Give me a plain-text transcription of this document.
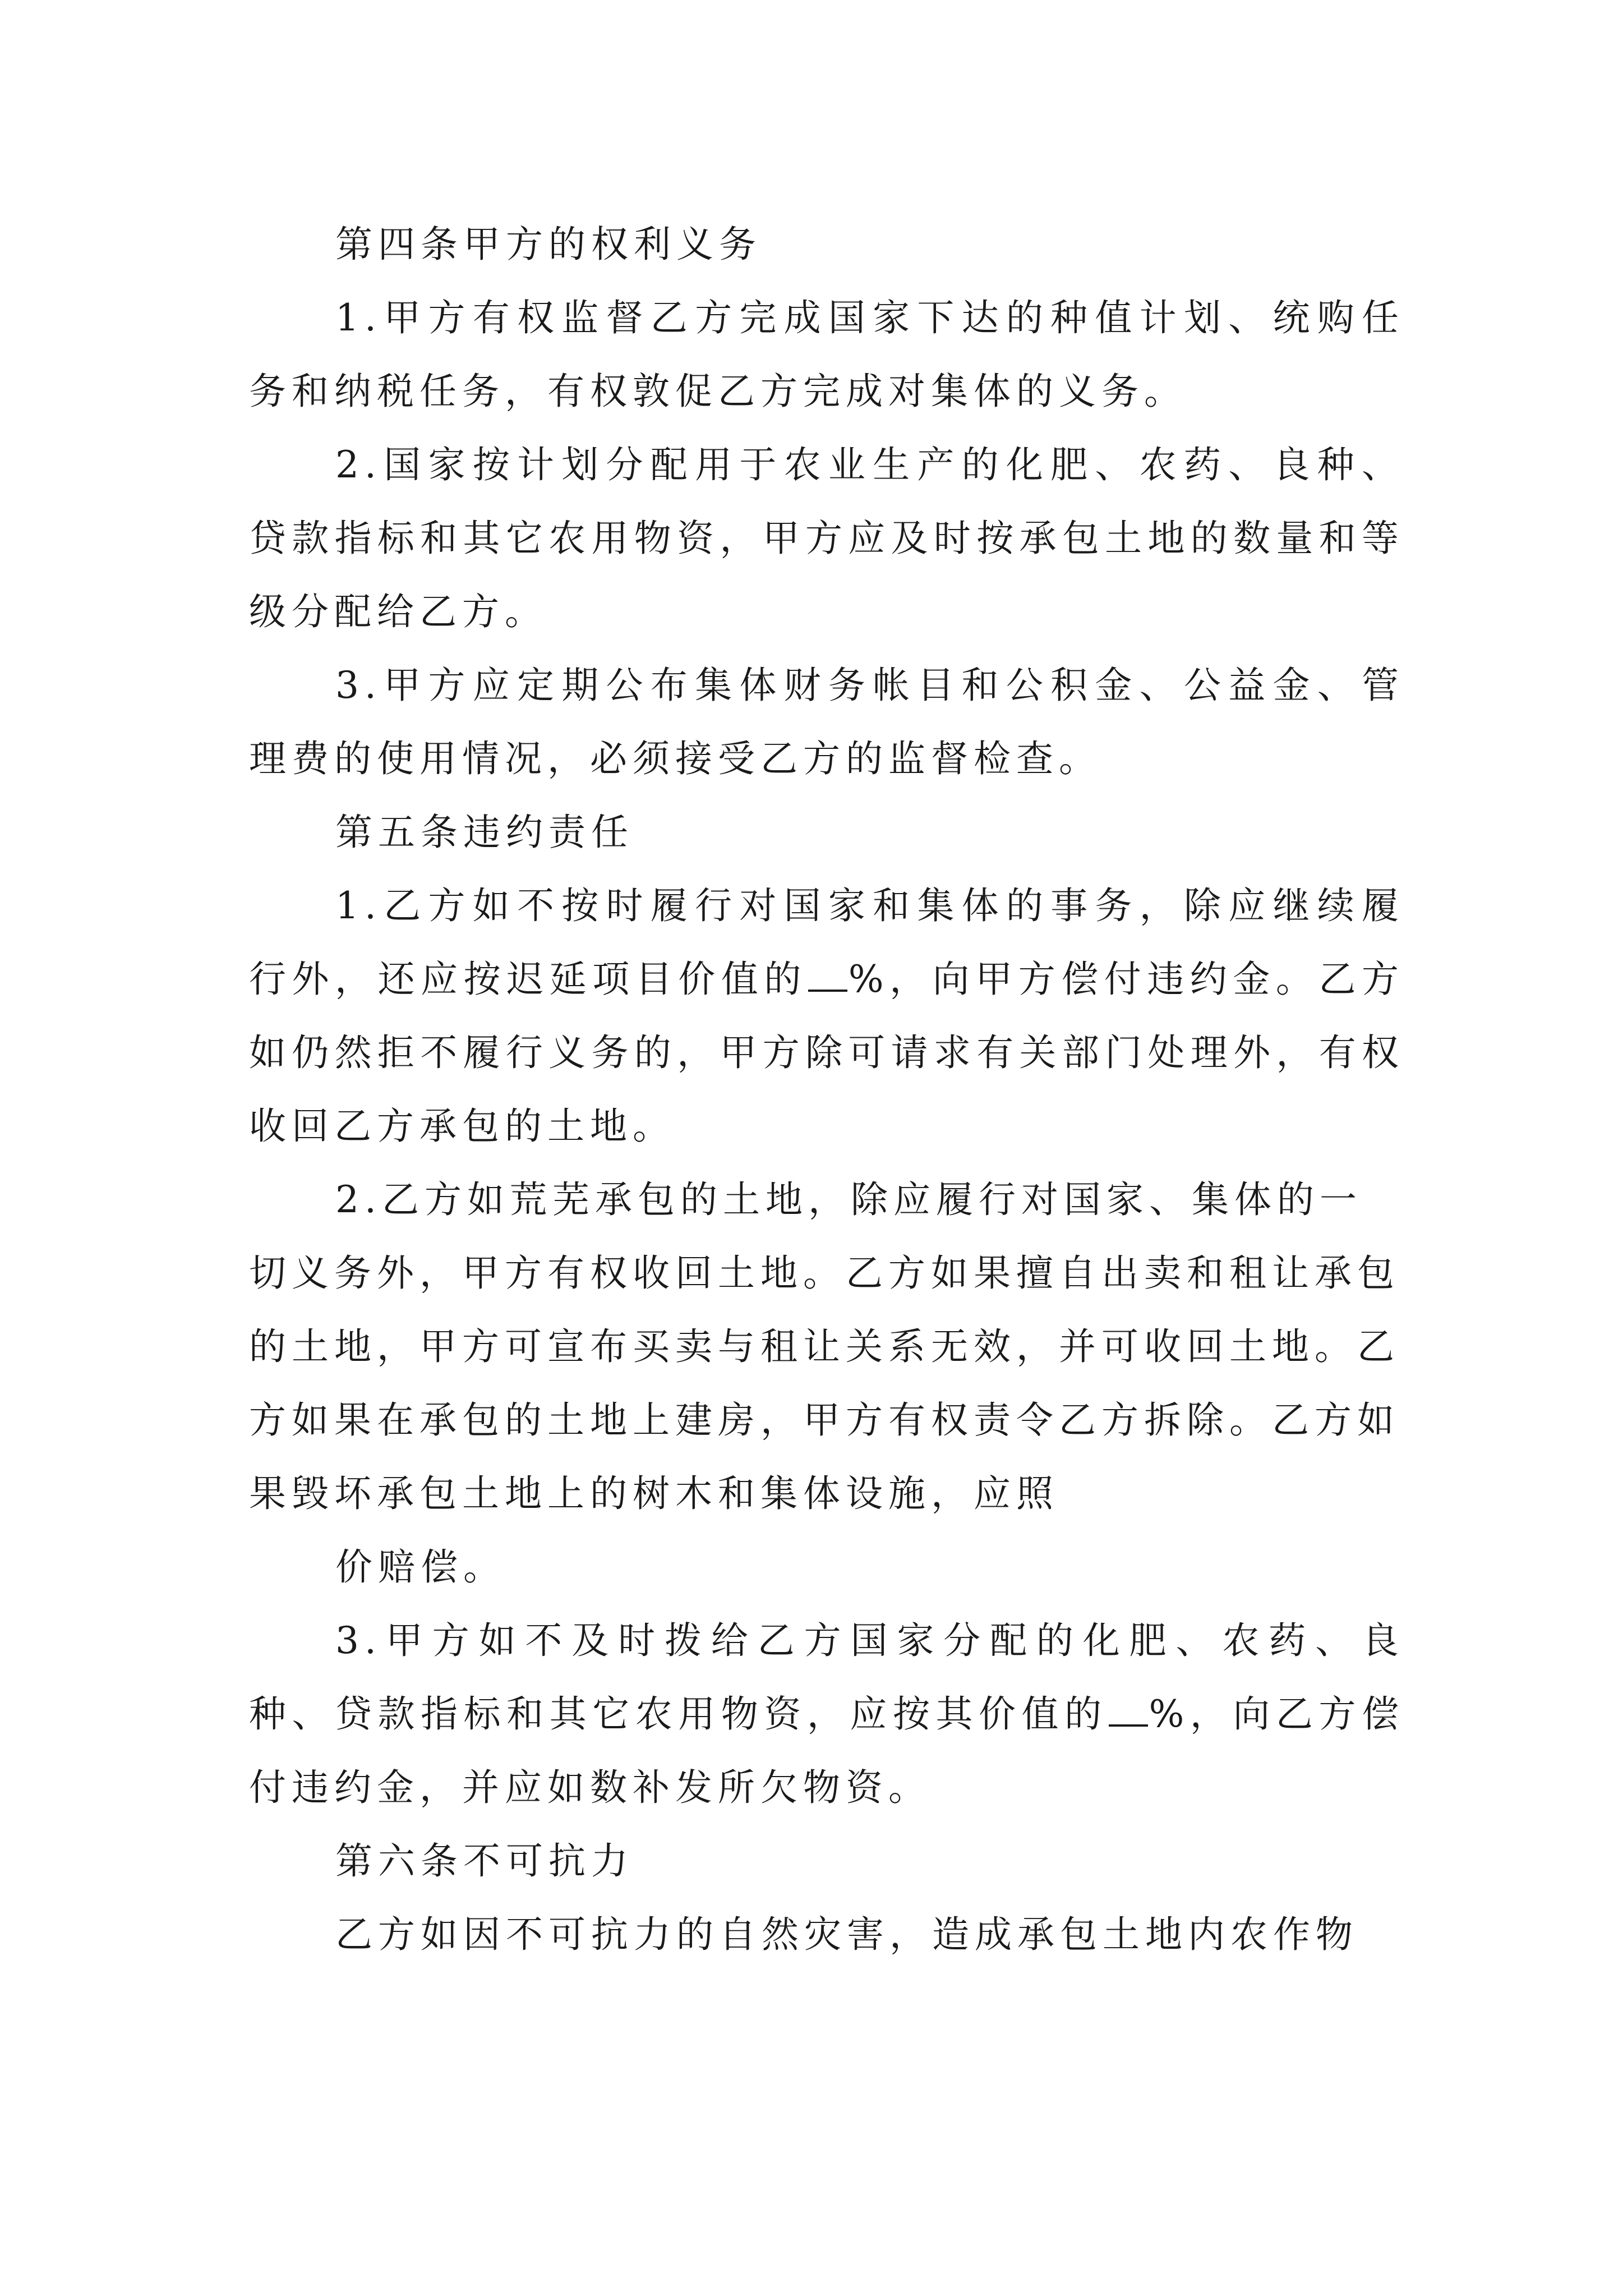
第四条甲方的权利义务

1.甲方有权监督乙方完成国家下达的种值计划、统购任务和纳税任务，有权敦促乙方完成对集体的义务。

2.国家按计划分配用于农业生产的化肥、农药、良种、贷款指标和其它农用物资，甲方应及时按承包土地的数量和等级分配给乙方。

3.甲方应定期公布集体财务帐目和公积金、公益金、管理费的使用情况，必须接受乙方的监督检查。

第五条违约责任

1.乙方如不按时履行对国家和集体的事务，除应继续履行外，还应按迟延项目价值的 %，向甲方偿付违约金。乙方如仍然拒不履行义务的，甲方除可请求有关部门处理外，有权收回乙方承包的土地。

2.乙方如荒芜承包的土地，除应履行对国家、集体的一切义务外，甲方有权收回土地。乙方如果擅自出卖和租让承包的土地，甲方可宣布买卖与租让关系无效，并可收回土地。乙方如果在承包的土地上建房，甲方有权责令乙方拆除。乙方如果毁坏承包土地上的树木和集体设施，应照

价赔偿。

3.甲方如不及时拨给乙方国家分配的化肥、农药、良种、贷款指标和其它农用物资，应按其价值的 %，向乙方偿付违约金，并应如数补发所欠物资。

第六条不可抗力

乙方如因不可抗力的自然灾害，造成承包土地内农作物
